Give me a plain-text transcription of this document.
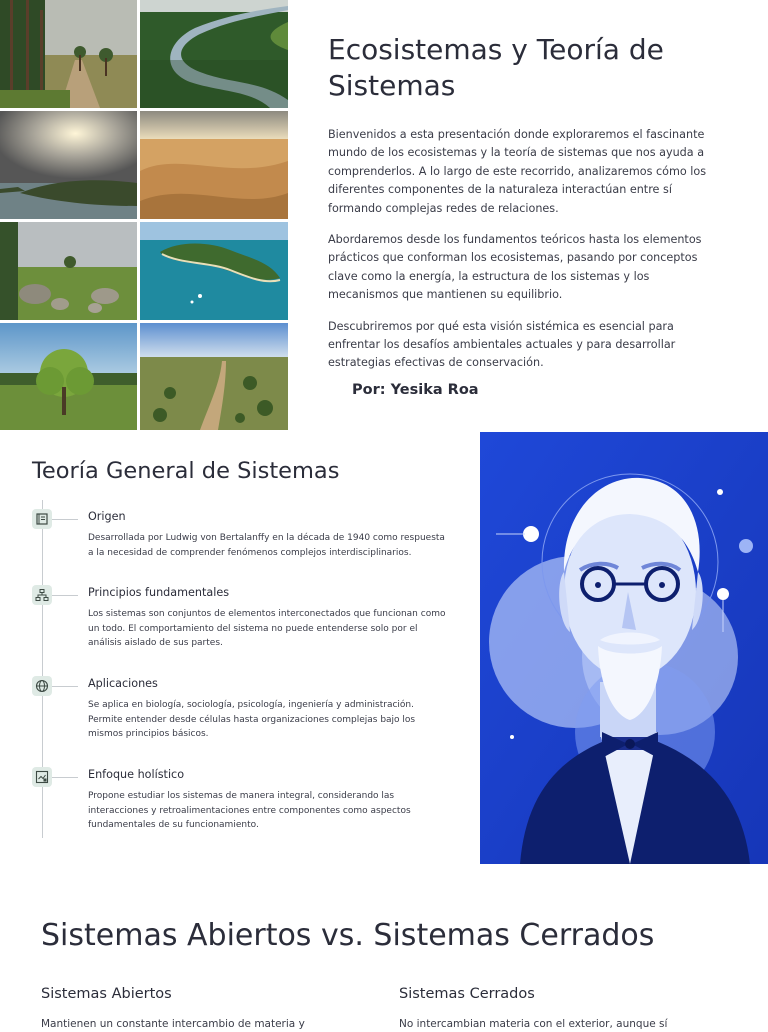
Ecosistemas y Teoría de Sistemas

Bienvenidos a esta presentación donde exploraremos el fascinante mundo de los ecosistemas y la teoría de sistemas que nos ayuda a comprenderlos. A lo largo de este recorrido, analizaremos cómo los diferentes componentes de la naturaleza interactúan entre sí formando complejas redes de relaciones.

Abordaremos desde los fundamentos teóricos hasta los elementos prácticos que conforman los ecosistemas, pasando por conceptos clave como la energía, la estructura de los sistemas y los mecanismos que mantienen su equilibrio.

Descubriremos por qué esta visión sistémica es esencial para enfrentar los desafíos ambientales actuales y para desarrollar estrategias efectivas de conservación.

Por: Yesika Roa

Teoría General de Sistemas

Origen

Desarrollada por Ludwig von Bertalanffy en la década de 1940 como respuesta a la necesidad de comprender fenómenos complejos interdisciplinarios.

Principios fundamentales

Los sistemas son conjuntos de elementos interconectados que funcionan como un todo. El comportamiento del sistema no puede entenderse solo por el análisis aislado de sus partes.

Aplicaciones

Se aplica en biología, sociología, psicología, ingeniería y administración. Permite entender desde células hasta organizaciones complejas bajo los mismos principios básicos.

Enfoque holístico

Propone estudiar los sistemas de manera integral, considerando las interacciones y retroalimentaciones entre componentes como aspectos fundamentales de su funcionamiento.

Sistemas Abiertos vs. Sistemas Cerrados
Sistemas Abiertos

Mantienen un constante intercambio de materia y

Sistemas Cerrados

No intercambian materia con el exterior, aunque sí
